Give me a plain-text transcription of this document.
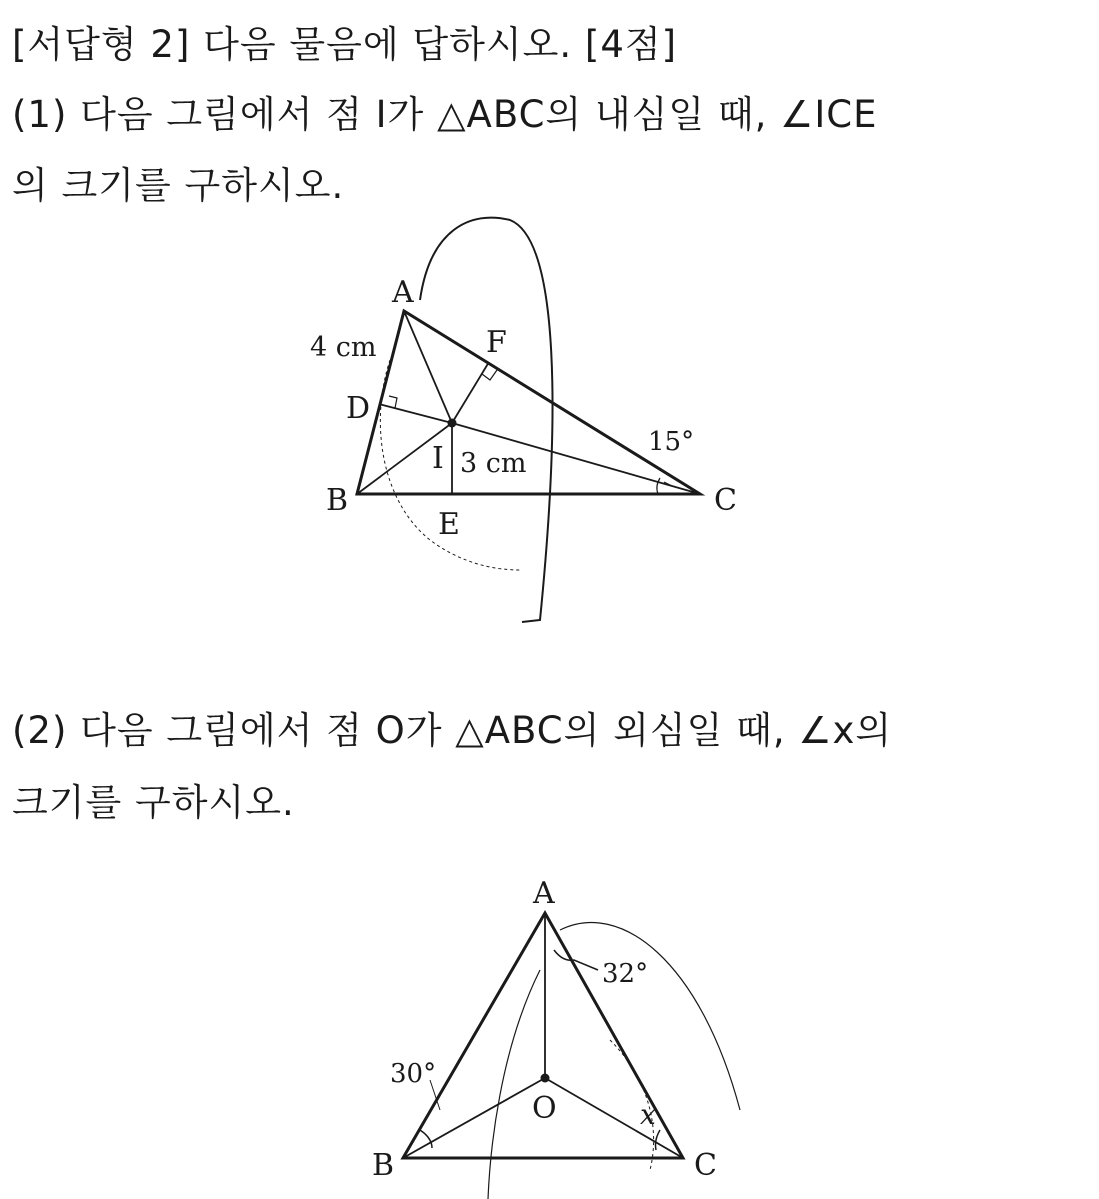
[서답형 2] 다음 물음에 답하시오. [4점]
(1) 다음 그림에서 점 I가 △ABC의 내심일 때, ∠ICE
의 크기를 구하시오.
(2) 다음 그림에서 점 O가 △ABC의 외심일 때, ∠x의
크기를 구하시오.
A
B	C
D
E
F
I
4 cm
3 cm
15°
A
B	C
O
32°
30°
x
